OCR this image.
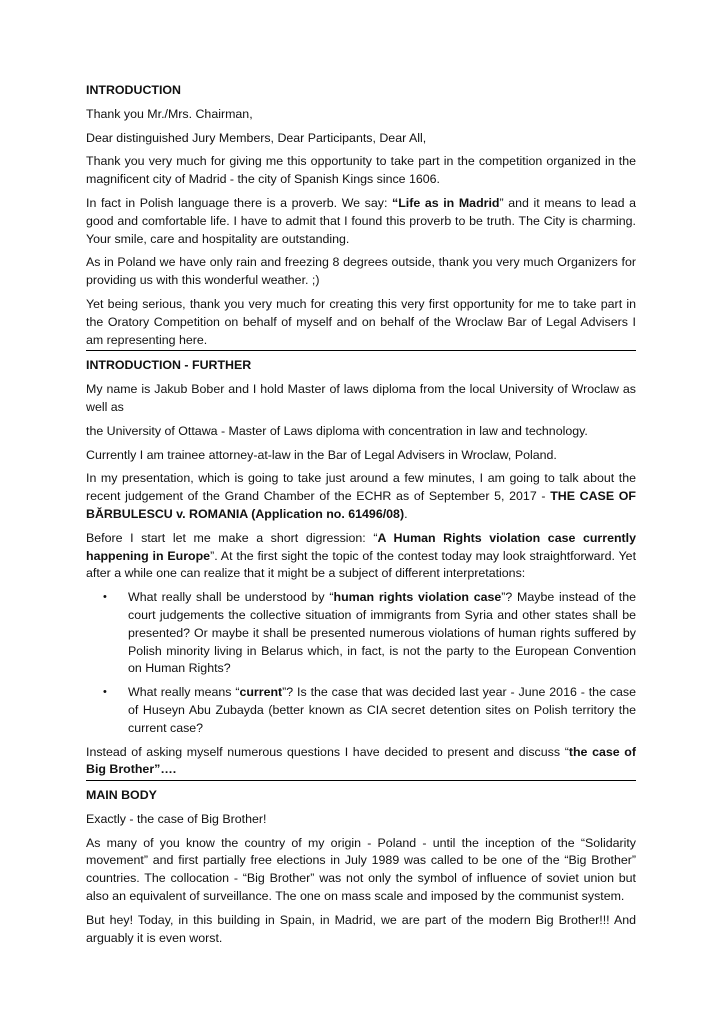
INTRODUCTION

Thank you Mr./Mrs. Chairman,

Dear distinguished Jury Members, Dear Participants, Dear All,

Thank you very much for giving me this opportunity to take part in the competition organized in the magnificent city of Madrid - the city of Spanish Kings since 1606.

In fact in Polish language there is a proverb. We say: “Life as in Madrid” and it means to lead a good and comfortable life. I have to admit that I found this proverb to be truth. The City is charming. Your smile, care and hospitality are outstanding.

As in Poland we have only rain and freezing 8 degrees outside, thank you very much Organizers for providing us with this wonderful weather. ;)

Yet being serious, thank you very much for creating this very first opportunity for me to take part in the Oratory Competition on behalf of myself and on behalf of the Wroclaw Bar of Legal Advisers I am representing here.

INTRODUCTION - FURTHER

My name is Jakub Bober and I hold Master of laws diploma from the local University of Wroclaw as well as

the University of Ottawa - Master of Laws diploma with concentration in law and technology.

Currently I am trainee attorney-at-law in the Bar of Legal Advisers in Wroclaw, Poland.

In my presentation, which is going to take just around a few minutes, I am going to talk about the recent judgement of the Grand Chamber of the ECHR as of September 5, 2017 - THE CASE OF BĂRBULESCU v. ROMANIA (Application no. 61496/08).

Before I start let me make a short digression: “A Human Rights violation case currently happening in Europe”. At the first sight the topic of the contest today may look straightforward. Yet after a while one can realize that it might be a subject of different interpretations:

• What really shall be understood by “human rights violation case”? Maybe instead of the court judgements the collective situation of immigrants from Syria and other states shall be presented? Or maybe it shall be presented numerous violations of human rights suffered by Polish minority living in Belarus which, in fact, is not the party to the European Convention on Human Rights?
• What really means “current”? Is the case that was decided last year - June 2016 - the case of Huseyn Abu Zubayda (better known as CIA secret detention sites on Polish territory the current case?

Instead of asking myself numerous questions I have decided to present and discuss “the case of Big Brother”….

MAIN BODY

Exactly - the case of Big Brother!

As many of you know the country of my origin - Poland - until the inception of the “Solidarity movement” and first partially free elections in July 1989 was called to be one of the “Big Brother” countries. The collocation - “Big Brother” was not only the symbol of influence of soviet union but also an equivalent of surveillance. The one on mass scale and imposed by the communist system.

But hey! Today, in this building in Spain, in Madrid, we are part of the modern Big Brother!!! And arguably it is even worst.
